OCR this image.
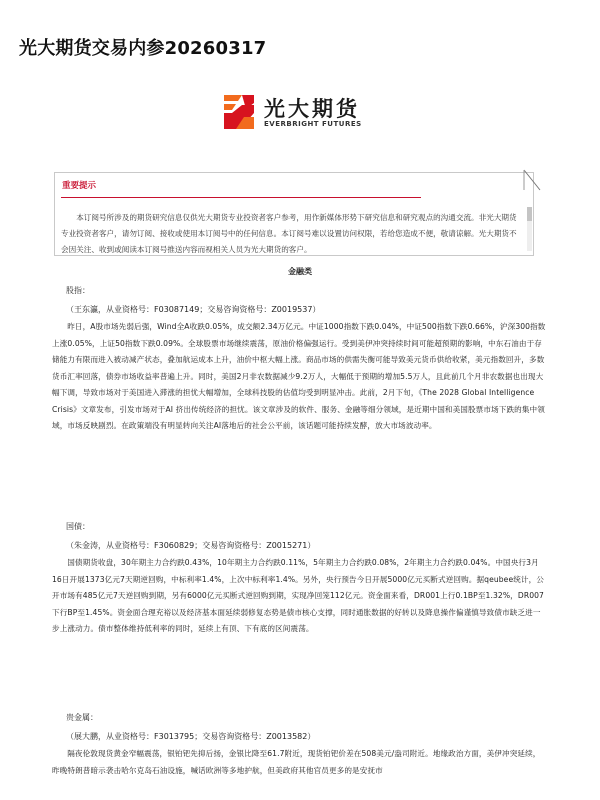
光大期货交易内参20260317
光大期货
EVERBRIGHT FUTURES
重要提示
本订阅号所涉及的期货研究信息仅供光大期货专业投资者客户参考，用作新媒体形势下研究信息和研究观点的沟通交流。非光大期货专业投资者客户，请勿订阅、接收或使用本订阅号中的任何信息。本订阅号难以设置访问权限，若给您造成不便，敬请谅解。光大期货不会因关注、收到或阅读本订阅号推送内容而视相关人员为光大期货的客户。
金融类
股指：
（王东瀛，从业资格号：F03087149；交易咨询资格号：Z0019537）
昨日，A股市场先弱后强，Wind全A收跌0.05%，成交额2.34万亿元。中证1000指数下跌0.04%，中证500指数下跌0.66%，沪深300指数上涨0.05%，上证50指数下跌0.09%。全球股票市场继续震荡，原油价格偏强运行。受到美伊冲突持续时间可能超预期的影响，中东石油由于存储能力有限而进入被动减产状态，叠加航运成本上升，油价中枢大幅上涨。商品市场的供需失衡可能导致美元货币供给收紧，美元指数回升，多数货币汇率回落，债券市场收益率普遍上升。同时，美国2月非农数据减少9.2万人，大幅低于预期的增加5.5万人，且此前几个月非农数据也出现大幅下调，导致市场对于美国进入滞涨的担忧大幅增加，全球科技股的估值均受到明显冲击。此前，2月下旬，《The 2028 Global Intelligence Crisis》文章发布，引发市场对于AI 挤出传统经济的担忧。该文章涉及的软件、服务、金融等细分领域，是近期中国和美国股票市场下跌的集中领域，市场反映剧烈。在政策端没有明显转向关注AI落地后的社会公平前，该话题可能持续发酵，放大市场波动率。
国债：
（朱金涛，从业资格号：F3060829；交易咨询资格号：Z0015271）
国债期货收盘，30年期主力合约跌0.43%，10年期主力合约跌0.11%，5年期主力合约跌0.08%，2年期主力合约跌0.04%。中国央行3月16日开展1373亿元7天期逆回购，中标利率1.4%，上次中标利率1.4%。另外，央行预告今日开展5000亿元买断式逆回购。据qeubee统计，公开市场有485亿元7天逆回购到期，另有6000亿元买断式逆回购到期，实现净回笼112亿元。资金面来看，DR001上行0.1BP至1.32%，DR007下行BP至1.45%。资金面合理充裕以及经济基本面延续弱修复态势是债市核心支撑，同时通胀数据的好转以及降息操作偏谨慎导致债市缺乏进一步上涨动力。债市整体维持低利率的同时，延续上有顶、下有底的区间震荡。
贵金属：
（展大鹏，从业资格号：F3013795；交易咨询资格号：Z0013582）
隔夜伦敦现货黄金窄幅震荡，银铂钯先抑后扬，金银比降至61.7附近，现货铂钯价差在508美元/盎司附近。地缘政治方面，美伊冲突延续，昨晚特朗普暗示袭击哈尔克岛石油设施，喊话欧洲等多地护航，但美政府其他官员更多的是安抚市
